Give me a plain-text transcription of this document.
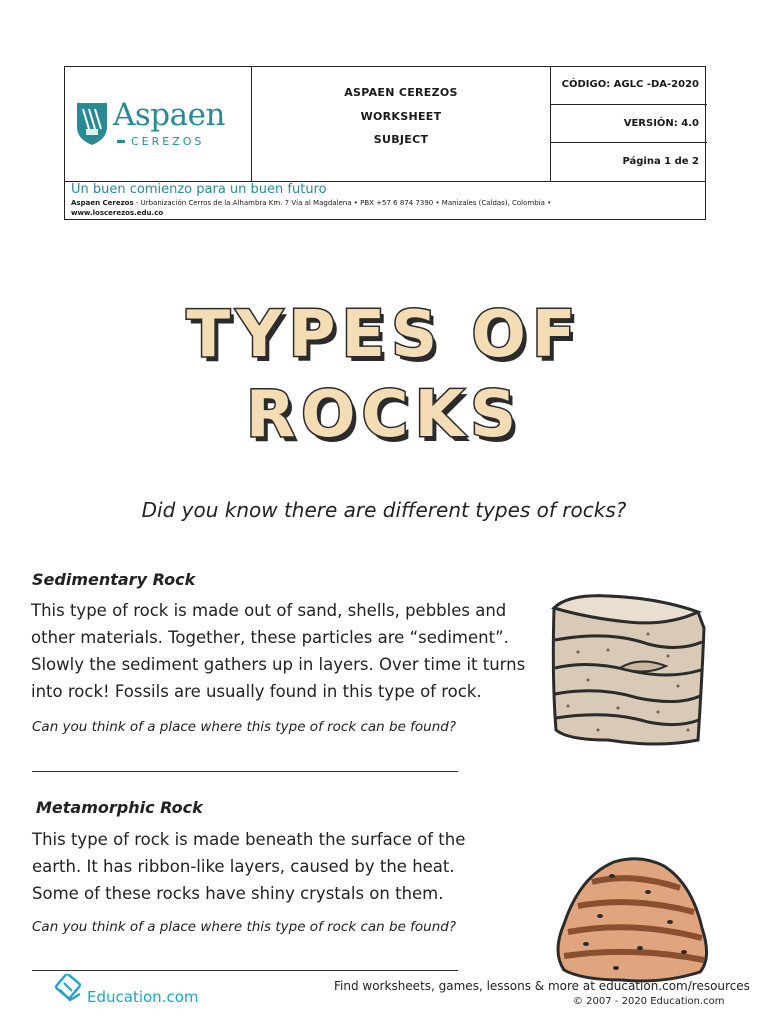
Aspaen
CEREZOS
ASPAEN CEREZOS
WORKSHEET
SUBJECT
CÓDIGO: AGLC -DA-2020
VERSIÓN: 4.0
Página 1 de 2
Un buen comienzo para un buen futuro
Aspaen Cerezos - Urbanización Cerros de la Alhambra Km. 7 Vía al Magdalena • PBX +57 6 874 7390 • Manizales (Caldas), Colombia •
www.loscerezos.edu.co
TYPES OF
ROCKS
Did you know there are different types of rocks?
Sedimentary Rock
This type of rock is made out of sand, shells, pebbles and
other materials. Together, these particles are “sediment”.
Slowly the sediment gathers up in layers. Over time it turns
into rock! Fossils are usually found in this type of rock.
Can you think of a place where this type of rock can be found?
Metamorphic Rock
This type of rock is made beneath the surface of the
earth. It has ribbon-like layers, caused by the heat.
Some of these rocks have shiny crystals on them.
Can you think of a place where this type of rock can be found?
Education.com
Find worksheets, games, lessons & more at education.com/resources
© 2007 - 2020 Education.com
